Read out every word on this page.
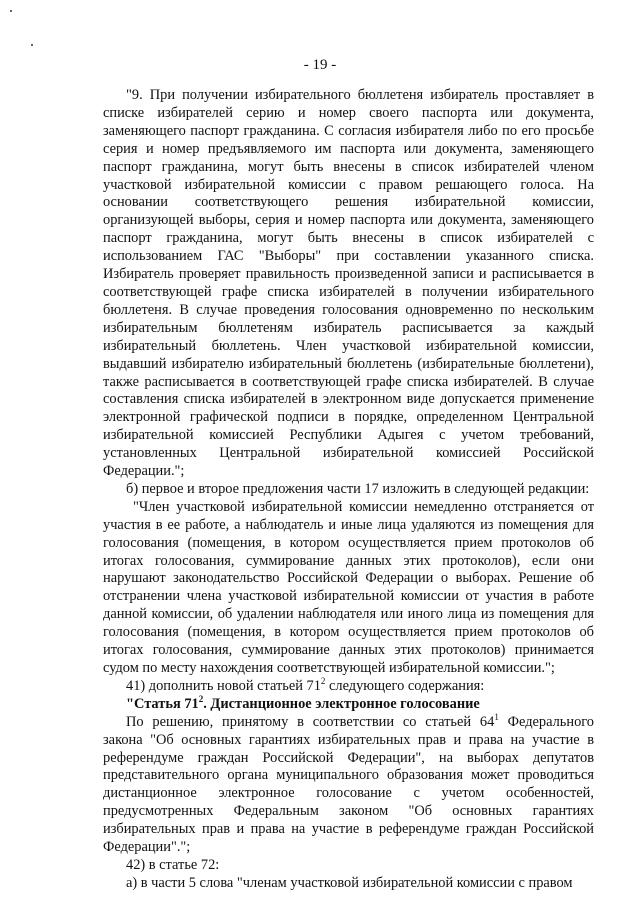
- 19 -

"9. При получении избирательного бюллетеня избиратель проставляет в списке избирателей серию и номер своего паспорта или документа, заменяющего паспорт гражданина. С согласия избирателя либо по его просьбе серия и номер предъявляемого им паспорта или документа, заменяющего паспорт гражданина, могут быть внесены в список избирателей членом участковой избирательной комиссии с правом решающего голоса. На основании соответствующего решения избирательной комиссии, организующей выборы, серия и номер паспорта или документа, заменяющего паспорт гражданина, могут быть внесены в список избирателей с использованием ГАС "Выборы" при составлении указанного списка. Избиратель проверяет правильность произведенной записи и расписывается в соответствующей графе списка избирателей в получении избирательного бюллетеня. В случае проведения голосования одновременно по нескольким избирательным бюллетеням избиратель расписывается за каждый избирательный бюллетень. Член участковой избирательной комиссии, выдавший избирателю избирательный бюллетень (избирательные бюллетени), также расписывается в соответствующей графе списка избирателей. В случае составления списка избирателей в электронном виде допускается применение электронной графической подписи в порядке, определенном Центральной избирательной комиссией Республики Адыгея с учетом требований, установленных Центральной избирательной комиссией Российской Федерации.";

б) первое и второе предложения части 17 изложить в следующей редакции:

"Член участковой избирательной комиссии немедленно отстраняется от участия в ее работе, а наблюдатель и иные лица удаляются из помещения для голосования (помещения, в котором осуществляется прием протоколов об итогах голосования, суммирование данных этих протоколов), если они нарушают законодательство Российской Федерации о выборах. Решение об отстранении члена участковой избирательной комиссии от участия в работе данной комиссии, об удалении наблюдателя или иного лица из помещения для голосования (помещения, в котором осуществляется прием протоколов об итогах голосования, суммирование данных этих протоколов) принимается судом по месту нахождения соответствующей избирательной комиссии.";

41) дополнить новой статьей $71^2$ следующего содержания:

"Статья $71^2$. Дистанционное электронное голосование

По решению, принятому в соответствии со статьей $64^1$ Федерального закона "Об основных гарантиях избирательных прав и права на участие в референдуме граждан Российской Федерации", на выборах депутатов представительного органа муниципального образования может проводиться дистанционное электронное голосование с учетом особенностей, предусмотренных Федеральным законом "Об основных гарантиях избирательных прав и права на участие в референдуме граждан Российской Федерации".";

42) в статье 72:

а) в части 5 слова "членам участковой избирательной комиссии с правом
